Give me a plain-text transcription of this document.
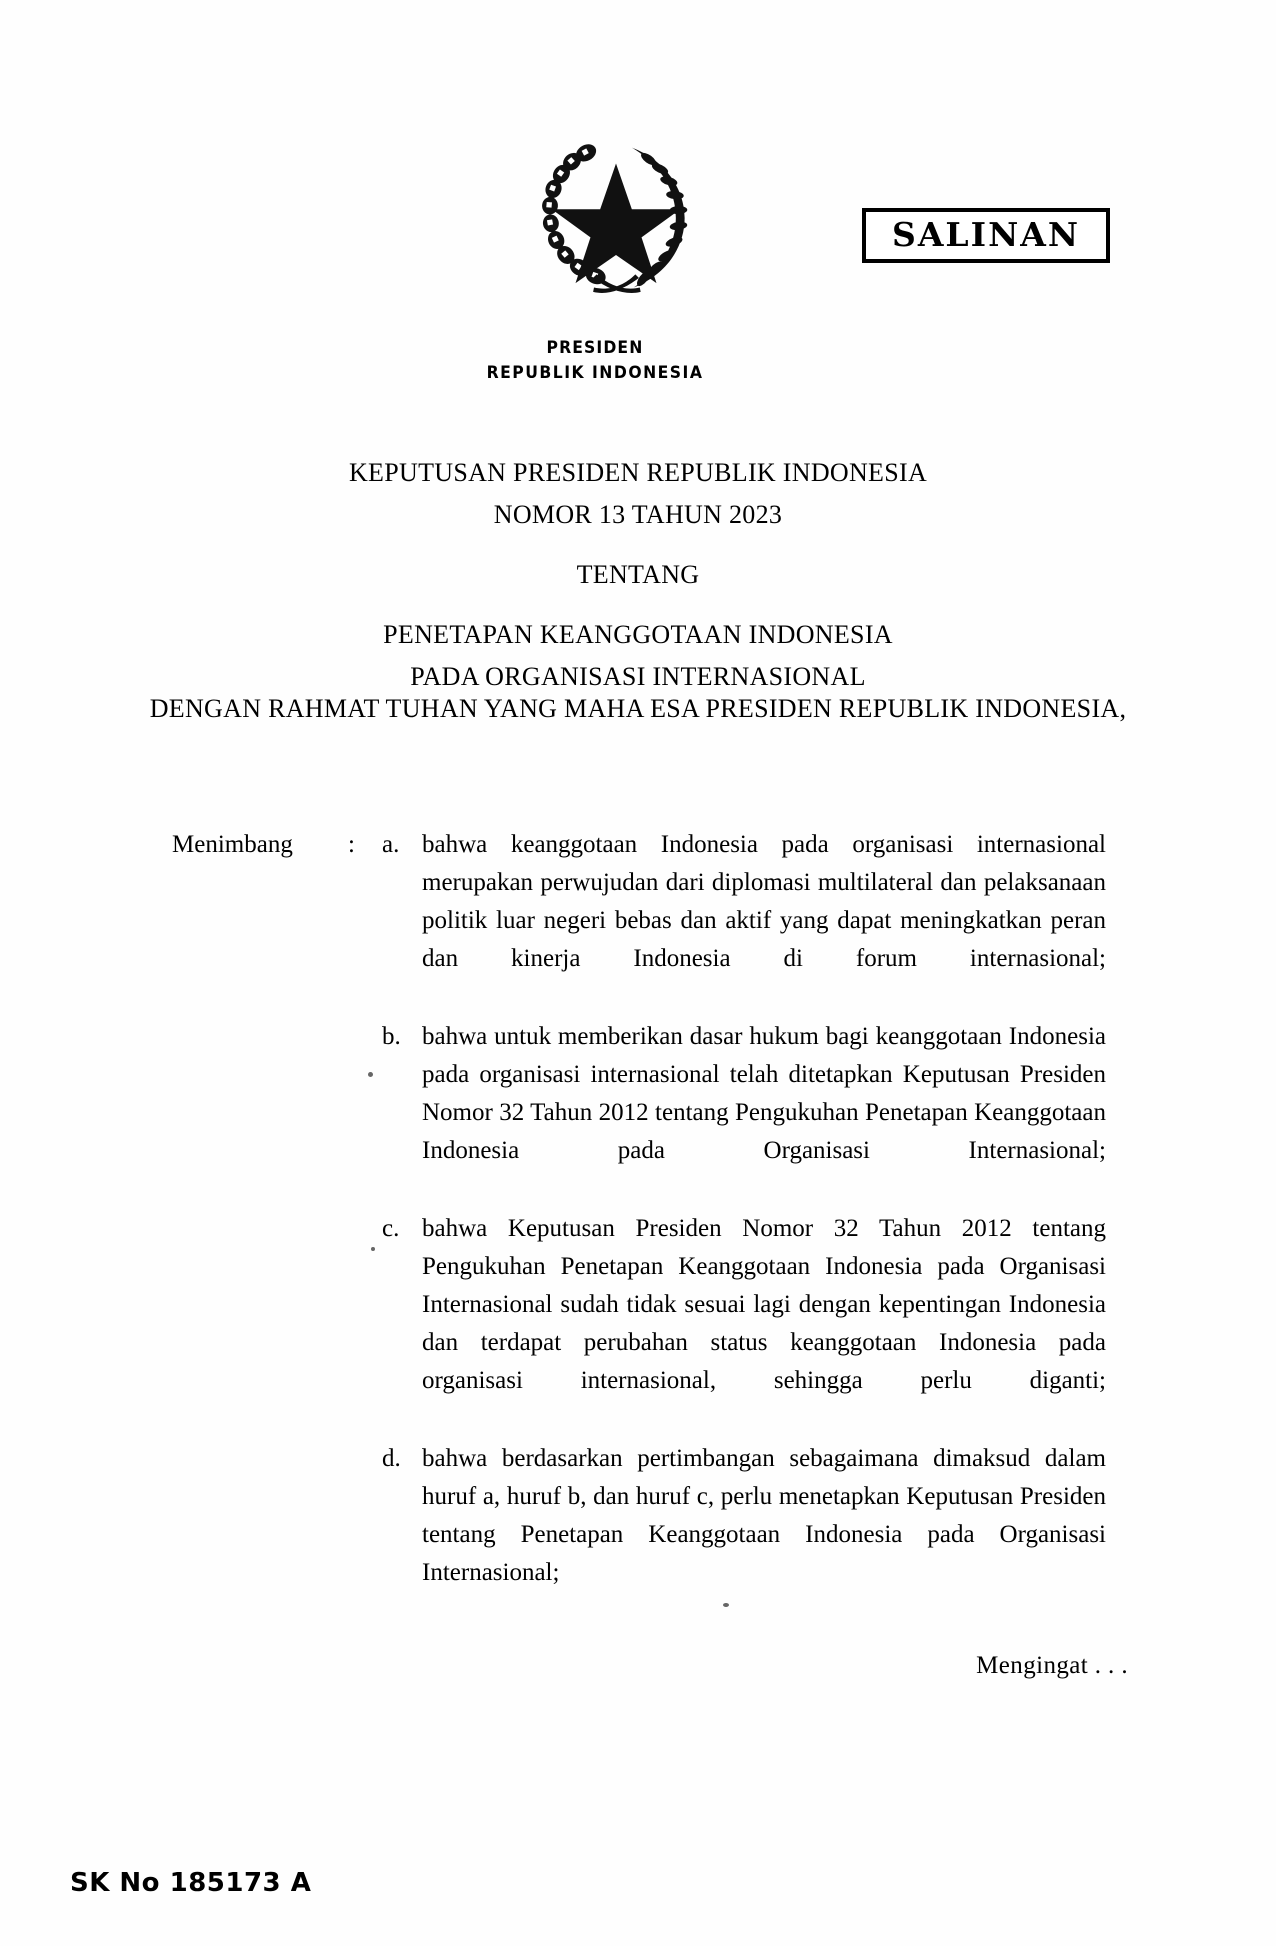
SALINAN
PRESIDEN
REPUBLIK INDONESIA
KEPUTUSAN PRESIDEN REPUBLIK INDONESIA
NOMOR 13 TAHUN 2023
TENTANG
PENETAPAN KEANGGOTAAN INDONESIA
PADA ORGANISASI INTERNASIONAL
DENGAN RAHMAT TUHAN YANG MAHA ESA PRESIDEN REPUBLIK INDONESIA,
Menimbang	:	a. bahwa keanggotaan Indonesia pada organisasi internasional merupakan perwujudan dari diplomasi multilateral dan pelaksanaan politik luar negeri bebas dan aktif yang dapat meningkatkan peran dan kinerja Indonesia di forum internasional;
b. bahwa untuk memberikan dasar hukum bagi keanggotaan Indonesia pada organisasi internasional telah ditetapkan Keputusan Presiden Nomor 32 Tahun 2012 tentang Pengukuhan Penetapan Keanggotaan Indonesia pada Organisasi Internasional;
c. bahwa Keputusan Presiden Nomor 32 Tahun 2012 tentang Pengukuhan Penetapan Keanggotaan Indonesia pada Organisasi Internasional sudah tidak sesuai lagi dengan kepentingan Indonesia dan terdapat perubahan status keanggotaan Indonesia pada organisasi internasional, sehingga perlu diganti;
d. bahwa berdasarkan pertimbangan sebagaimana dimaksud dalam huruf a, huruf b, dan huruf c, perlu menetapkan Keputusan Presiden tentang Penetapan Keanggotaan Indonesia pada Organisasi Internasional;
Mengingat . . .
SK No 185173 A
